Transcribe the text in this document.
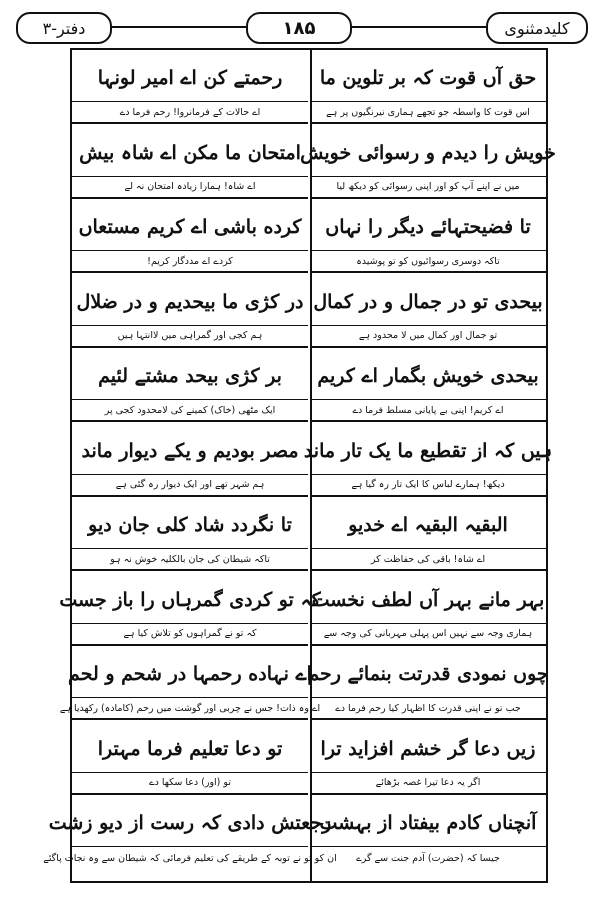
دفتر-۳	۱۸۵	کلیدمثنوی
حق آں قوت کہ بر تلوین ما
رحمتے کن اے امیر لونہا
اس قوت کا واسطہ جو تجھے ہماری نیرنگیوں پر ہے
اے حالات کے فرمانروا! رحم فرما دے
خویش را دیدم و رسوائی خویش
امتحان ما مکن اے شاہ بیش
میں نے اپنے آپ کو اور اپنی رسوائی کو دیکھ لیا
اے شاہ! ہمارا زیادہ امتحان نہ لے
تا فضیحتہائے دیگر را نہاں
کرده باشی اے کریم مستعاں
تاکہ دوسری رسوائیوں کو تو پوشیدہ
کردے اے مددگار کریم!
بیحدی تو در جمال و در کمال
در کژی ما بیحدیم و در ضلال
تو جمال اور کمال میں لا محدود ہے
ہم کجی اور گمراہی میں لاانتہا ہیں
بیحدی خویش بگمار اے کریم
بر کژی بیحد مشتے لئیم
اے کریم! اپنی بے پایانی مسلط فرما دے
ایک مٹھی (خاک) کمینے کی لامحدود کجی پر
ہیں کہ از تقطیع ما یک تار ماند
مصر بودیم و یکے دیوار ماند
دیکھ! ہمارے لباس کا ایک تار رہ گیا ہے
ہم شہر تھے اور ایک دیوار رہ گئی ہے
البقیہ البقیہ اے خدیو
تا نگردد شاد کلی جان دیو
اے شاہ! باقی کی حفاظت کر
تاکہ شیطان کی جان بالکلیہ خوش نہ ہو
بہر مانے بہر آں لطف نخست
کہ تو کردی گمرہاں را باز جست
ہماری وجہ سے نہیں اس پہلی مہربانی کی وجہ سے
کہ تو نے گمراہوں کو تلاش کیا ہے
چوں نمودی قدرتت بنمائے رحم
اے نہاده رحمہا در شحم و لحم
جب تو نے اپنی قدرت کا اظہار کیا رحم فرما دے
اے وہ ذات! جس نے چربی اور گوشت میں رحم (کامادہ) رکھدیا ہے
زیں دعا گر خشم افزاید ترا
تو دعا تعلیم فرما مہترا
اگر یہ دعا تیرا غصہ بڑھائے
تو (اور) دعا سکھا دے
آنچناں کادم بیفتاد از بہشت
رجعتش دادی کہ رست از دیو زشت
جیسا کہ (حضرت) آدم جنت سے گرے
ان کو تو نے توبہ کے طریقے کی تعلیم فرمائی کہ شیطان سے وہ نجات پاگئے
